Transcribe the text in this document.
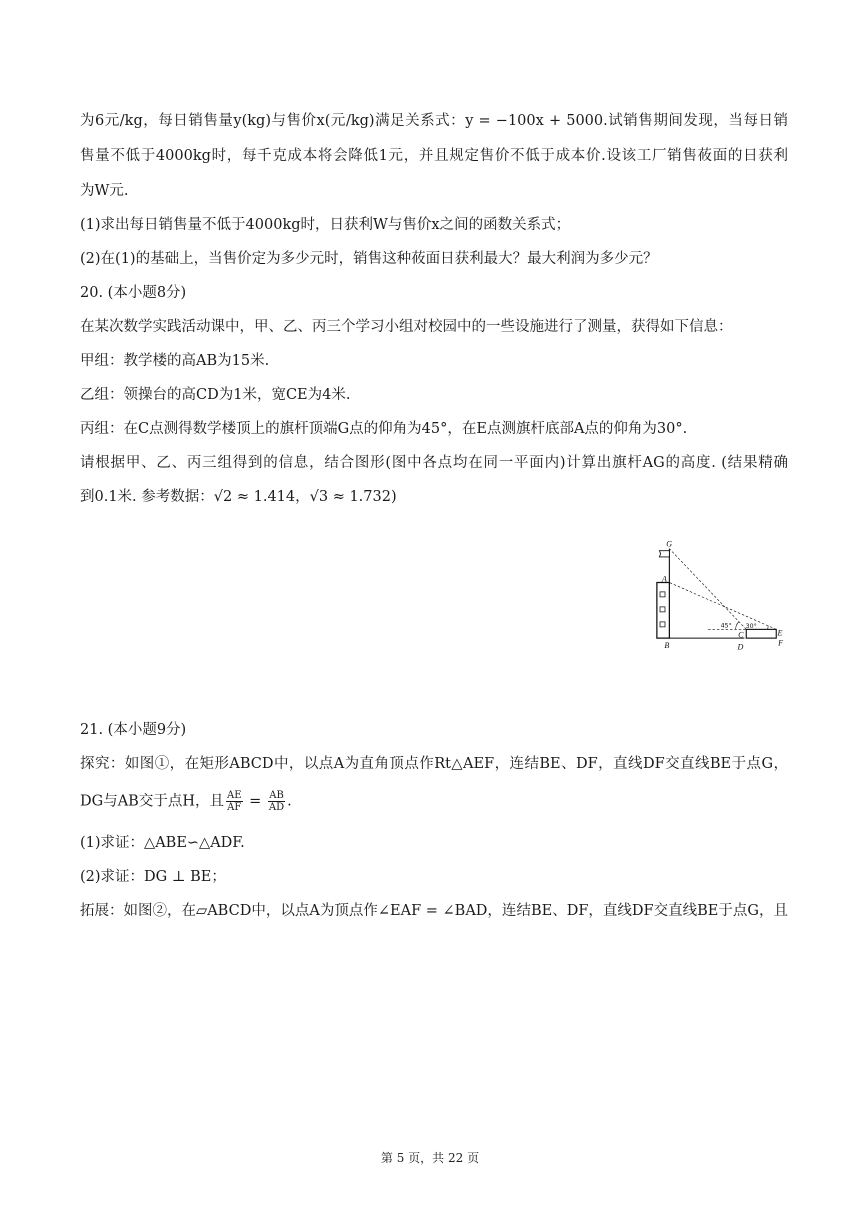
为6元/kg，每日销售量y(kg)与售价x(元/kg)满足关系式：y = −100x + 5000.试销售期间发现，当每日销
售量不低于4000kg时，每千克成本将会降低1元，并且规定售价不低于成本价.设该工厂销售莜面的日获利
为W元.
(1)求出每日销售量不低于4000kg时，日获利W与售价x之间的函数关系式；
(2)在(1)的基础上，当售价定为多少元时，销售这种莜面日获利最大？最大利润为多少元？
20. (本小题8分)
在某次数学实践活动课中，甲、乙、丙三个学习小组对校园中的一些设施进行了测量，获得如下信息：
甲组：教学楼的高AB为15米.
乙组：领操台的高CD为1米，宽CE为4米.
丙组：在C点测得数学楼顶上的旗杆顶端G点的仰角为45°，在E点测旗杆底部A点的仰角为30°.
请根据甲、乙、丙三组得到的信息，结合图形(图中各点均在同一平面内)计算出旗杆AG的高度. (结果精确
到0.1米. 参考数据：√2 ≈ 1.414，√3 ≈ 1.732)
G
A
B
C
D
E
F
45° 30°
21. (本小题9分)
探究：如图①，在矩形ABCD中，以点A为直角顶点作Rt△AEF，连结BE、DF，直线DF交直线BE于点G，
DG与AB交于点H，且 $\frac{AE}{AF} = \frac{AB}{AD}$ .
(1)求证：△ABE∽△ADF.
(2)求证：DG ⊥ BE；
拓展：如图②，在▱ABCD中，以点A为顶点作∠EAF = ∠BAD，连结BE、DF，直线DF交直线BE于点G，且
第 5 页，共 22 页
